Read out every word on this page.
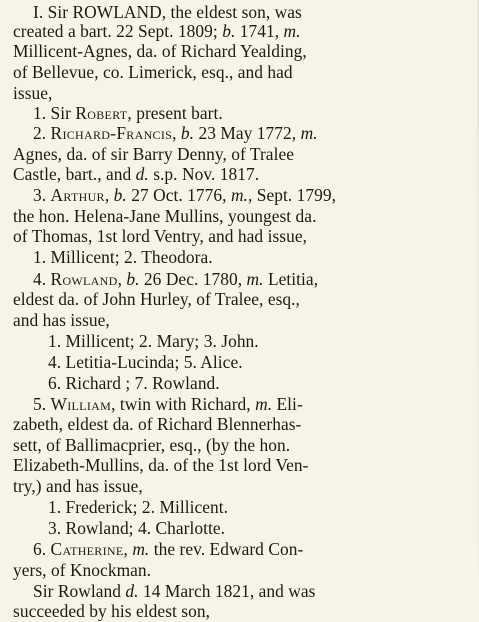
I. Sir ROWLAND, the eldest son, was
created a bart. 22 Sept. 1809; b. 1741, m.
Millicent-Agnes, da. of Richard Yealding,
of Bellevue, co. Limerick, esq., and had
issue,
1. Sir Robert, present bart.
2. Richard-Francis, b. 23 May 1772, m.
Agnes, da. of sir Barry Denny, of Tralee
Castle, bart., and d. s.p. Nov. 1817.
3. Arthur, b. 27 Oct. 1776, m., Sept. 1799,
the hon. Helena-Jane Mullins, youngest da.
of Thomas, 1st lord Ventry, and had issue,
1. Millicent; 2. Theodora.
4. Rowland, b. 26 Dec. 1780, m. Letitia,
eldest da. of John Hurley, of Tralee, esq.,
and has issue,
1. Millicent; 2. Mary; 3. John.
4. Letitia-Lucinda; 5. Alice.
6. Richard ; 7. Rowland.
5. William, twin with Richard, m. Eli-
zabeth, eldest da. of Richard Blennerhas-
sett, of Ballimacprier, esq., (by the hon.
Elizabeth-Mullins, da. of the 1st lord Ven-
try,) and has issue,
1. Frederick; 2. Millicent.
3. Rowland; 4. Charlotte.
6. Catherine, m. the rev. Edward Con-
yers, of Knockman.
Sir Rowland d. 14 March 1821, and was
succeeded by his eldest son,
